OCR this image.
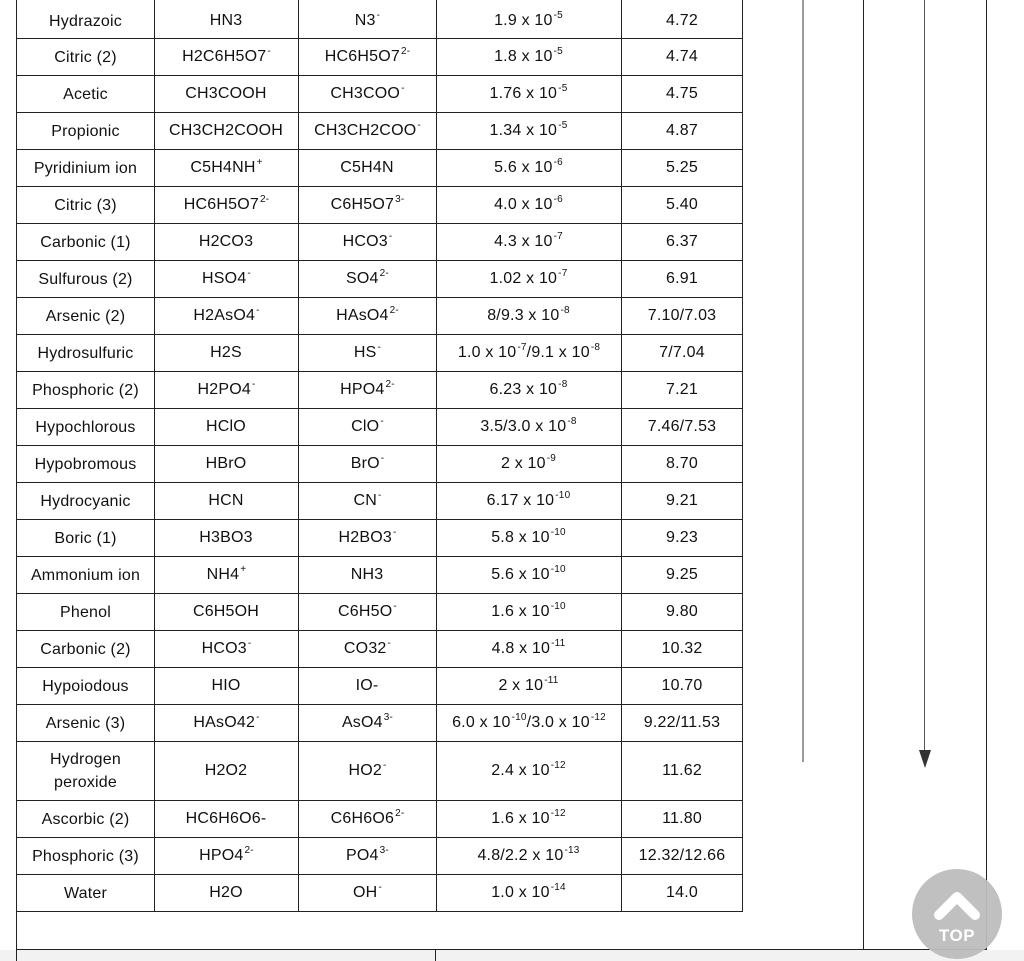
Hydrazoic	HN3	N3-	1.9 x $10^{-5}$	4.72
Citric (2)	H2C6H5O7-	$HC6H5O7^{2-}$	1.8 x $10^{-5}$	4.74
Acetic	CH3COOH	CH3COO-	1.76 x $10^{-5}$	4.75
Propionic	CH3CH2COOH	CH3CH2COO-	1.34 x $10^{-5}$	4.87
Pyridinium ion	C5H4NH+	C5H4N	5.6 x $10^{-6}$	5.25
Citric (3)	$HC6H5O7^{2-}$	$C6H5O7^{3-}$	4.0 x $10^{-6}$	5.40
Carbonic (1)	H2CO3	HCO3-	4.3 x $10^{-7}$	6.37
Sulfurous (2)	HSO4-	$SO4^{2-}$	1.02 x $10^{-7}$	6.91
Arsenic (2)	H2AsO4-	$HAsO4^{2-}$	8/9.3 x $10^{-8}$	7.10/7.03
Hydrosulfuric	H2S	HS-	1.0 x $10^{-7}/9.1$ x $10^{-8}$	7/7.04
Phosphoric (2)	H2PO4-	$HPO4^{2-}$	6.23 x $10^{-8}$	7.21
Hypochlorous	HClO	ClO-	3.5/3.0 x $10^{-8}$	7.46/7.53
Hypobromous	HBrO	BrO-	2 x $10^{-9}$	8.70
Hydrocyanic	HCN	CN-	6.17 x $10^{-10}$	9.21
Boric (1)	H3BO3	H2BO3-	5.8 x $10^{-10}$	9.23
Ammonium ion	NH4+	NH3	5.6 x $10^{-10}$	9.25
Phenol	C6H5OH	C6H5O-	1.6 x $10^{-10}$	9.80
Carbonic (2)	HCO3-	CO32-	4.8 x $10^{-11}$	10.32
Hypoiodous	HIO	IO-	2 x $10^{-11}$	10.70
Arsenic (3)	HAsO42-	$AsO4^{3-}$	6.0 x $10^{-10}/3.0$ x $10^{-12}$	9.22/11.53
Hydrogen peroxide	H2O2	HO2-	2.4 x $10^{-12}$	11.62
Ascorbic (2)	HC6H6O6-	$C6H6O6^{2-}$	1.6 x $10^{-12}$	11.80
Phosphoric (3)	$HPO4^{2-}$	$PO4^{3-}$	4.8/2.2 x $10^{-13}$	12.32/12.66
Water	H2O	OH-	1.0 x $10^{-14}$	14.0
TOP
